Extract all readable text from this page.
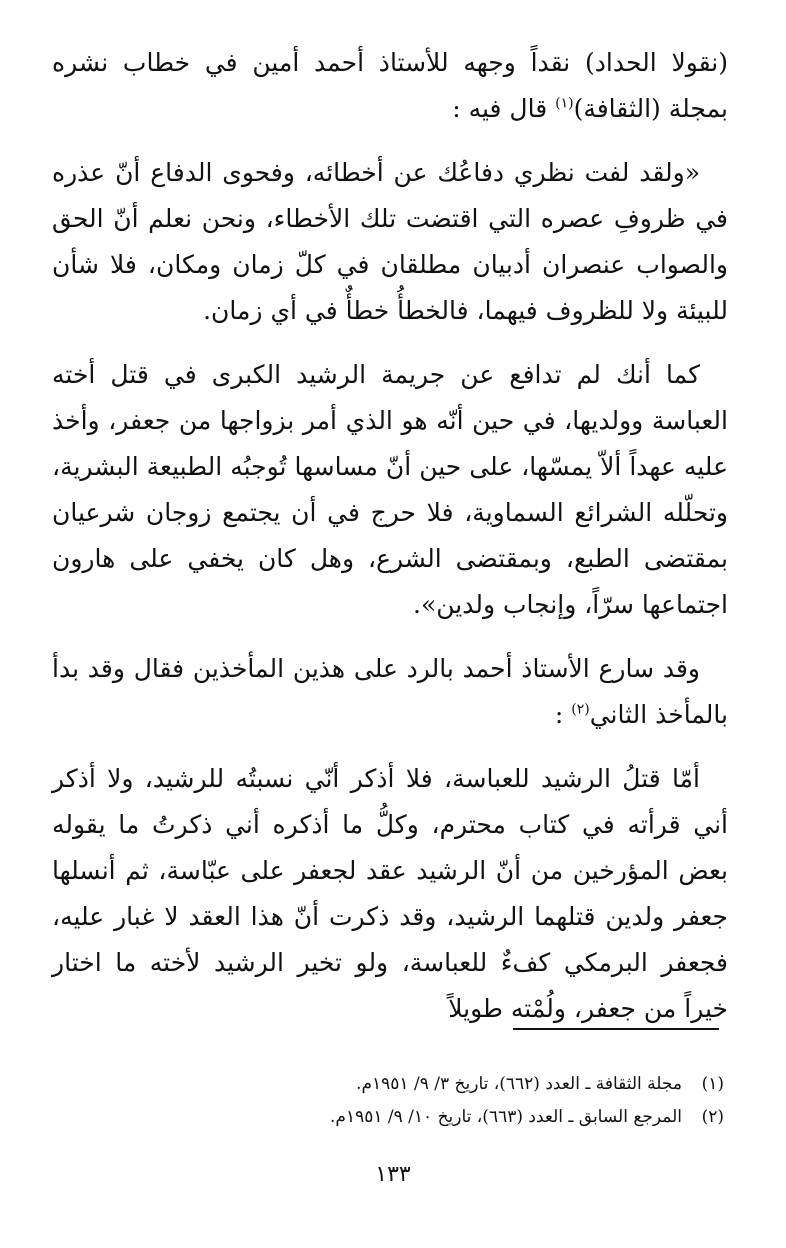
(نقولا الحداد) نقداً وجهه للأستاذ أحمد أمين في خطاب نشره بمجلة (الثقافة)$^{(١)}$ قال فيه :

«ولقد لفت نظري دفاعُك عن أخطائه، وفحوى الدفاع أنّ عذره في ظروفِ عصره التي اقتضت تلك الأخطاء، ونحن نعلم أنّ الحق والصواب عنصران أدبيان مطلقان في كلّ زمان ومكان، فلا شأن للبيئة ولا للظروف فيهما، فالخطأُ خطأٌ في أي زمان.

كما أنك لم تدافع عن جريمة الرشيد الكبرى في قتل أخته العباسة وولديها، في حين أنّه هو الذي أمر بزواجها من جعفر، وأخذ عليه عهداً ألاّ يمسّها، على حين أنّ مساسها تُوجبُه الطبيعة البشرية، وتحلّله الشرائع السماوية، فلا حرج في أن يجتمع زوجان شرعيان بمقتضى الطبع، وبمقتضى الشرع، وهل كان يخفي على هارون اجتماعها سرّاً، وإنجاب ولدين».

وقد سارع الأستاذ أحمد بالرد على هذين المأخذين فقال وقد بدأ بالمأخذ الثاني$^{(٢)}$ :

أمّا قتلُ الرشيد للعباسة، فلا أذكر أنّي نسبتُه للرشيد، ولا أذكر أني قرأته في كتاب محترم، وكلُّ ما أذكره أني ذكرتُ ما يقوله بعض المؤرخين من أنّ الرشيد عقد لجعفر على عبّاسة، ثم أنسلها جعفر ولدين قتلهما الرشيد، وقد ذكرت أنّ هذا العقد لا غبار عليه، فجعفر البرمكي كفءٌ للعباسة، ولو تخير الرشيد لأخته ما اختار خيراً من جعفر، ولُمْته طويلاً

(١)
مجلة الثقافة ـ العدد (٦٦٢)، تاريخ ٣/ ٩/ ١٩٥١م.
(٢)
المرجع السابق ـ العدد (٦٦٣)، تاريخ ١٠/ ٩/ ١٩٥١م.
١٣٣
